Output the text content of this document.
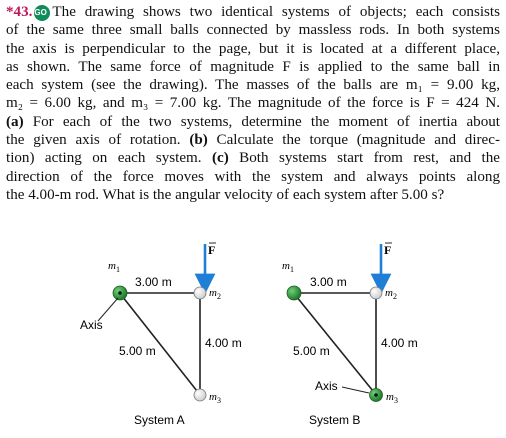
*43. GO The drawing shows two identical systems of objects; each consists
of the same three small balls connected by massless rods. In both systems
the axis is perpendicular to the page, but it is located at a different place,
as shown. The same force of magnitude F is applied to the same ball in
each system (see the drawing). The masses of the balls are m₁ = 9.00 kg,
m₂ = 6.00 kg, and m₃ = 7.00 kg. The magnitude of the force is F = 424 N.
(a) For each of the two systems, determine the moment of inertia about
the given axis of rotation. (b) Calculate the torque (magnitude and direc-
tion) acting on each system. (c) Both systems start from rest, and the
direction of the force moves with the system and always points along
the 4.00-m rod. What is the angular velocity of each system after 5.00 s?
F
$m_1$
$m_2$
$m_3$
3.00 m
4.00 m
5.00 m
Axis
System A
F
$m_1$
$m_2$
$m_3$
3.00 m
4.00 m
5.00 m
Axis
System B
